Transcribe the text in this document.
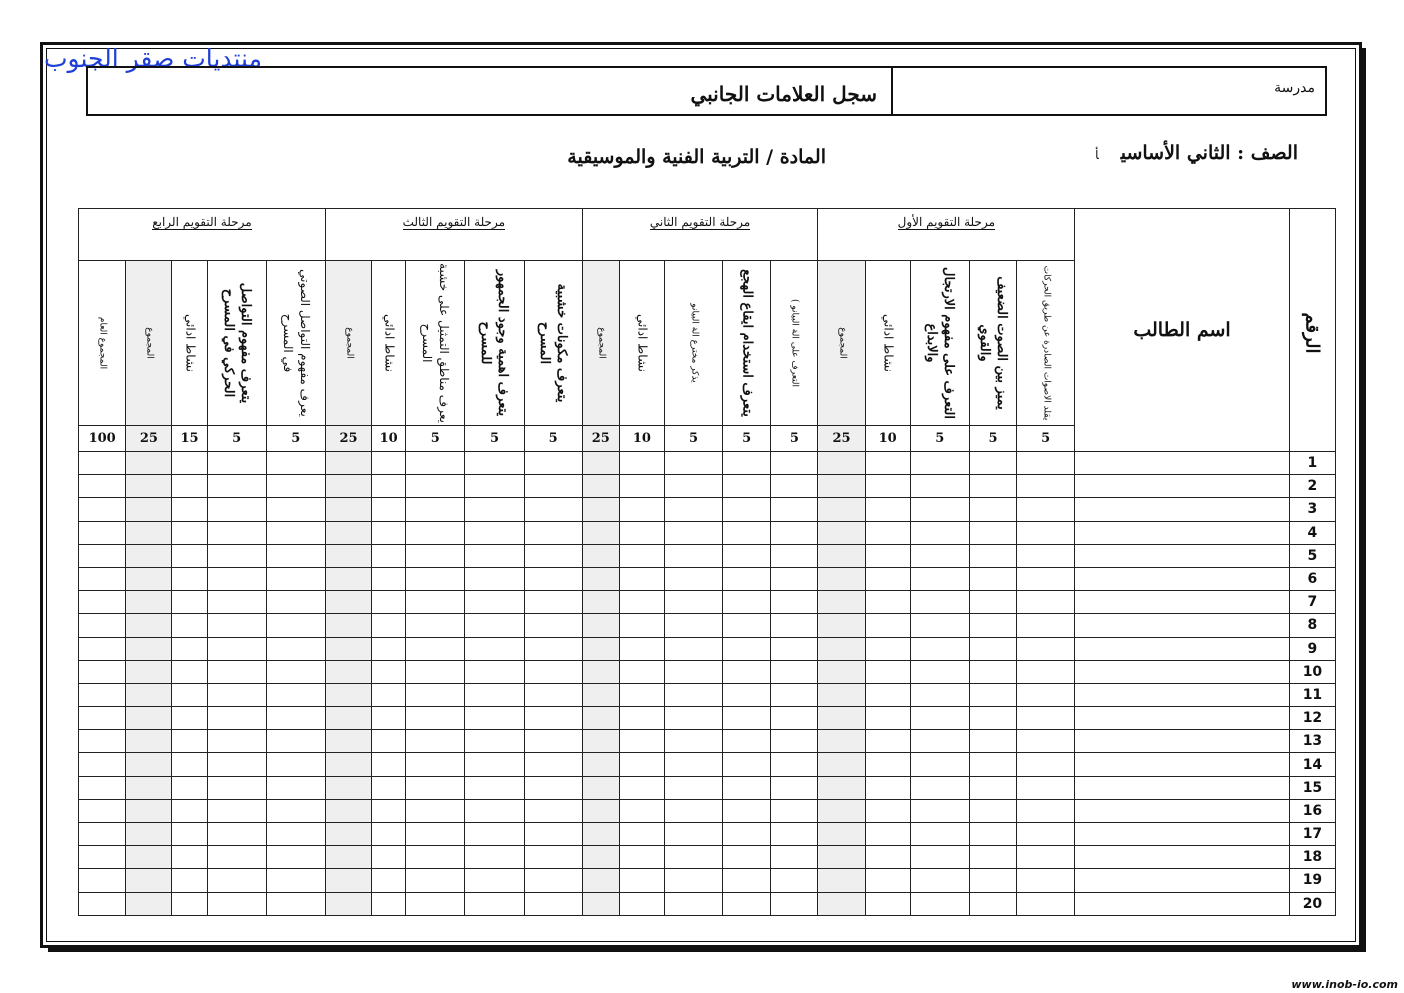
منتديات صقر الجنوب
مدرسة
سجل العلامات الجانبي
الصف : الثاني الأساسيأ
المادة / التربية الفنية والموسيقية
الرقم	اسم الطالب	مرحلة التقويم الأول					مرحلة التقويم الثاني					مرحلة التقويم الثالث					مرحلة التقويم الرابع				

		يقلد الاصوات الصادرة عن طريق الحركات	يميز بين الصوت الضعيف والقوي	التعرف على مفهوم الارتجال والابداع	نشاط ادائي	المجموع	التعرف على الة البيانو )	يتعرف استخدام ايقاع الهجع	يذكر مخترع الة البيانو	نشاط ادائي	المجموع	يتعرف مكونات خشبية المسرح	يتعرف اهمية وجود الجمهور للمسرح	يعرف مناطق التمثيل على خشبة المسرح	نشاط ادائي	المجموع	يعرف مفهوم التواصل الصوتي في المسرح	يتعرف مفهوم التواصل الحركي في المسرح	نشاط ادائي	المجموع	المجموع العام

		5	5	5	10	25	5	5	5	10	25	5	5	5	10	25	5	5	15	25	100
1																					
2																					
3																					
4																					
5																					
6																					
7																					
8																					
9																					
10																					
11																					
12																					
13																					
14																					
15																					
16																					
17																					
18																					
19																					
20																					
www.inob-io.com
